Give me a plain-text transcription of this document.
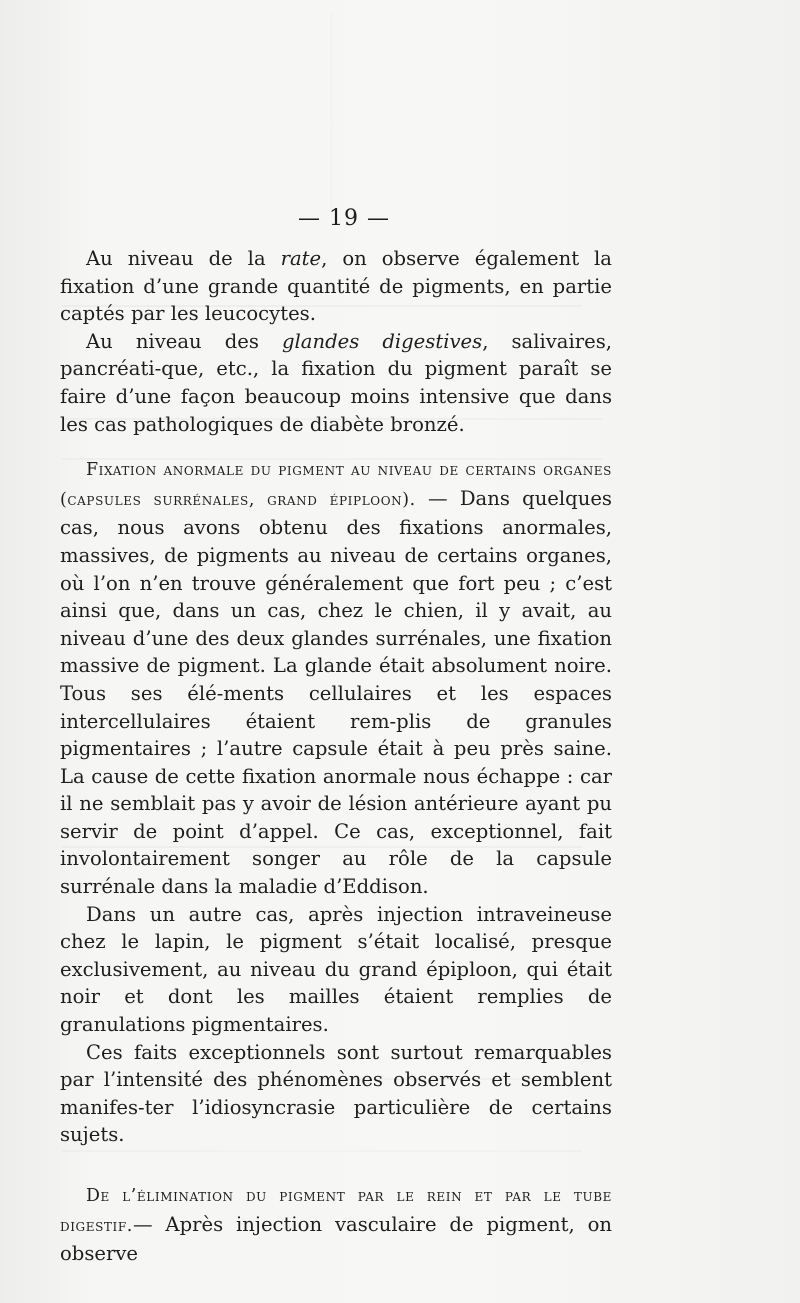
— 19 —

Au niveau de la rate, on observe également la fixation d’une grande quantité de pigments, en partie captés par les leucocytes.

Au niveau des glandes digestives, salivaires, pancréati-que, etc., la fixation du pigment paraît se faire d’une façon beaucoup moins intensive que dans les cas pathologiques de diabète bronzé.

Fixation anormale du pigment au niveau de certains organes (capsules surrénales, grand épiploon). — Dans quelques cas, nous avons obtenu des fixations anormales, massives, de pigments au niveau de certains organes, où l’on n’en trouve généralement que fort peu ; c’est ainsi que, dans un cas, chez le chien, il y avait, au niveau d’une des deux glandes surrénales, une fixation massive de pigment. La glande était absolument noire. Tous ses élé-ments cellulaires et les espaces intercellulaires étaient rem-plis de granules pigmentaires ; l’autre capsule était à peu près saine. La cause de cette fixation anormale nous échappe : car il ne semblait pas y avoir de lésion antérieure ayant pu servir de point d’appel. Ce cas, exceptionnel, fait involontairement songer au rôle de la capsule surrénale dans la maladie d’Eddison.

Dans un autre cas, après injection intraveineuse chez le lapin, le pigment s’était localisé, presque exclusivement, au niveau du grand épiploon, qui était noir et dont les mailles étaient remplies de granulations pigmentaires.

Ces faits exceptionnels sont surtout remarquables par l’intensité des phénomènes observés et semblent manifes-ter l’idiosyncrasie particulière de certains sujets.

De l’élimination du pigment par le rein et par le tube digestif.— Après injection vasculaire de pigment, on observe
